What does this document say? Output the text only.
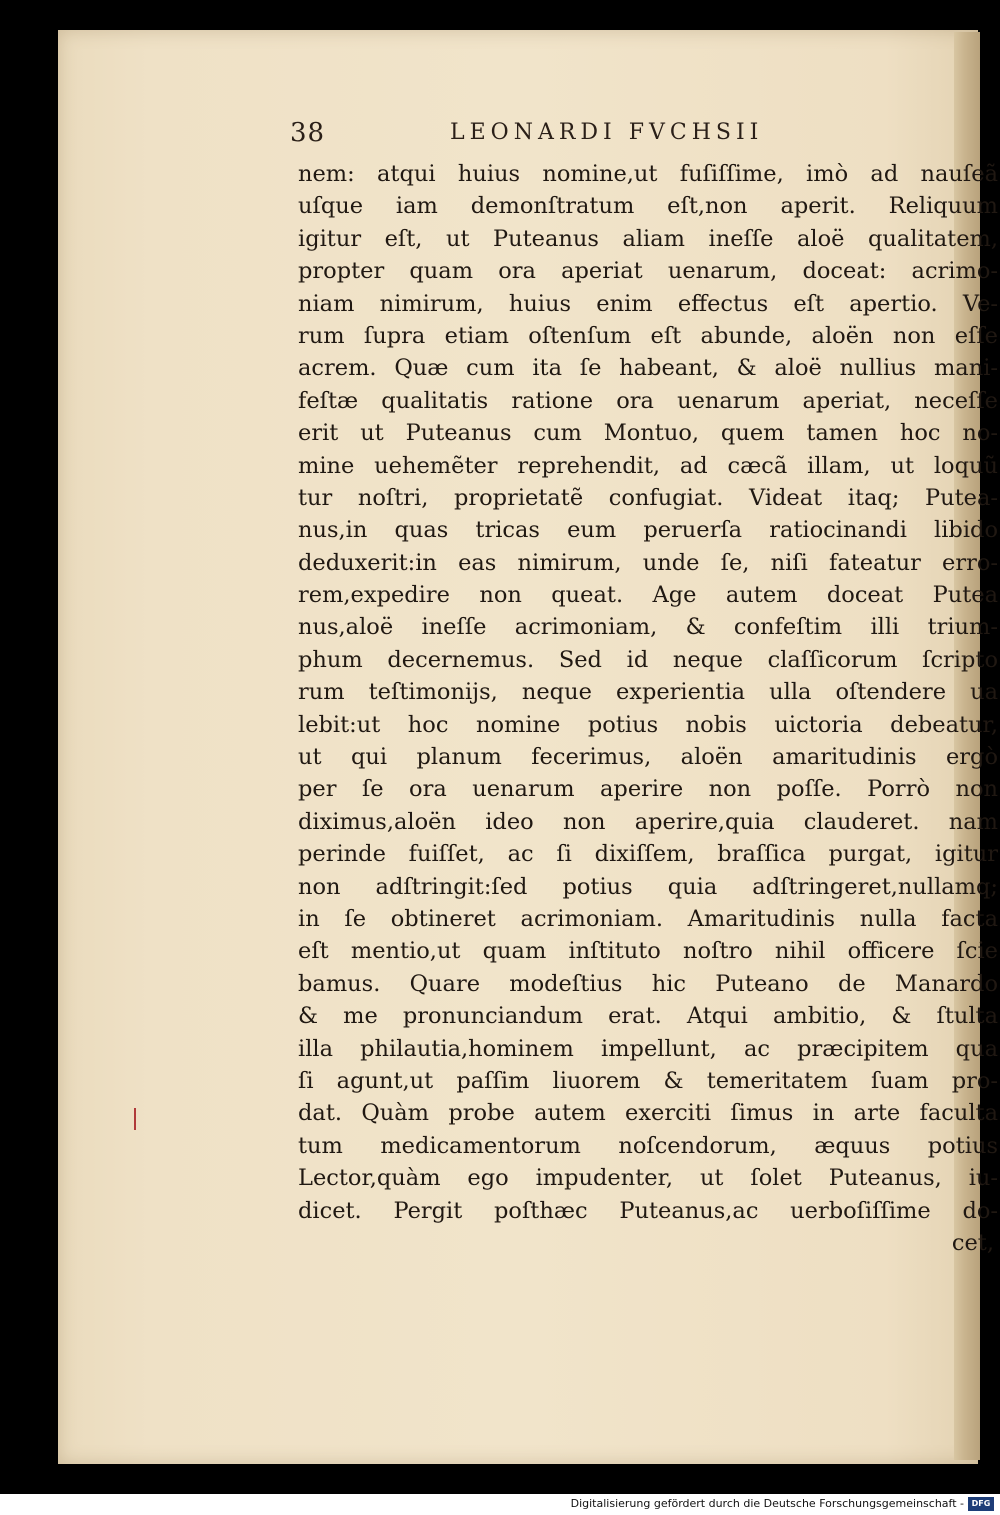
38	LEONARDI FVCHSII
nem: atqui huius nomine,ut fuſiſſime, imò ad nauſeã
uſque iam demonſtratum eſt,non aperit. Reliquum
igitur eſt, ut Puteanus aliam ineſſe aloë qualitatem,
propter quam ora aperiat uenarum, doceat: acrimo-
niam nimirum, huius enim effectus eſt apertio. Ve-
rum ſupra etiam oſtenſum eſt abunde, aloën non eſſe
acrem. Quæ cum ita ſe habeant, & aloë nullius mani-
feſtæ qualitatis ratione ora uenarum aperiat, neceſſe
erit ut Puteanus cum Montuo, quem tamen hoc no-
mine uehemẽter reprehendit, ad cæcã illam, ut loquũ
tur noſtri, proprietatẽ confugiat. Videat itaq; Putea-
nus,in quas tricas eum peruerſa ratiocinandi libido
deduxerit:in eas nimirum, unde ſe, niſi fateatur erro-
rem,expedire non queat. Age autem doceat Putea
nus,aloë ineſſe acrimoniam, & confeſtim illi trium-
phum decernemus. Sed id neque claſſicorum ſcripto
rum teſtimonijs, neque experientia ulla oſtendere ua
lebit:ut hoc nomine potius nobis uictoria debeatur,
ut qui planum fecerimus, aloën amaritudinis ergò
per ſe ora uenarum aperire non poſſe. Porrò non
diximus,aloën ideo non aperire,quia clauderet. nam
perinde fuiſſet, ac ſi dixiſſem, braſſica purgat, igitur
non adſtringit:ſed potius quia adſtringeret,nullamq;
in ſe obtineret acrimoniam. Amaritudinis nulla facta
eſt mentio,ut quam inſtituto noſtro nihil officere ſcie
bamus. Quare modeſtius hic Puteano de Manardo
& me pronunciandum erat. Atqui ambitio, & ſtulta
illa philautia,hominem impellunt, ac præcipitem qua
ſi agunt,ut paſſim liuorem & temeritatem ſuam pro-
dat. Quàm probe autem exerciti ſimus in arte faculta
tum medicamentorum noſcendorum, æquus potius
Lector,quàm ego impudenter, ut ſolet Puteanus, iu-
dicet. Pergit poſthæc Puteanus,ac uerboſiſſime do-
cet,
Digitalisierung gefördert durch die Deutsche Forschungsgemeinschaft - DFG
